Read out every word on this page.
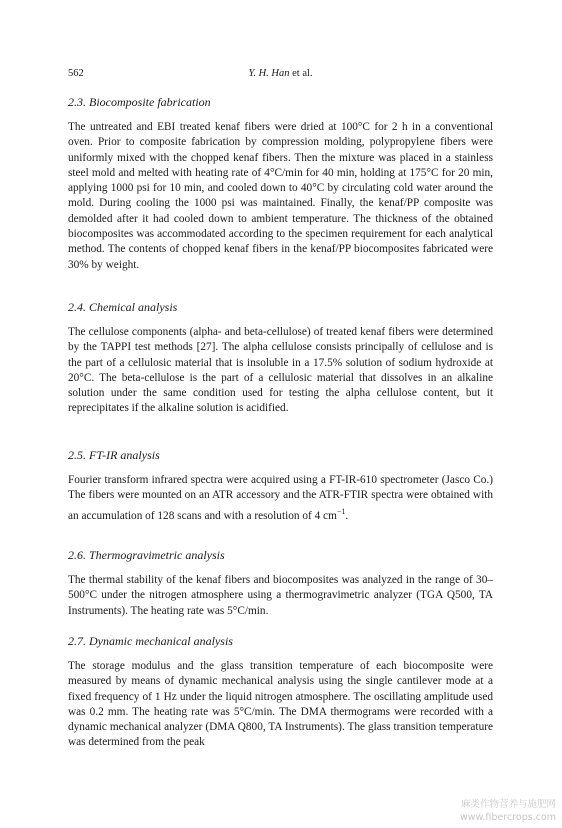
562	Y. H. Han et al.

2.3. Biocomposite fabrication

The untreated and EBI treated kenaf fibers were dried at 100°C for 2 h in a conventional oven. Prior to composite fabrication by compression molding, polypropylene fibers were uniformly mixed with the chopped kenaf fibers. Then the mixture was placed in a stainless steel mold and melted with heating rate of 4°C/min for 40 min, holding at 175°C for 20 min, applying 1000 psi for 10 min, and cooled down to 40°C by circulating cold water around the mold. During cooling the 1000 psi was maintained. Finally, the kenaf/PP composite was demolded after it had cooled down to ambient temperature. The thickness of the obtained biocomposites was accommodated according to the specimen requirement for each analytical method. The contents of chopped kenaf fibers in the kenaf/PP biocomposites fabricated were 30% by weight.

2.4. Chemical analysis

The cellulose components (alpha- and beta-cellulose) of treated kenaf fibers were determined by the TAPPI test methods [27]. The alpha cellulose consists principally of cellulose and is the part of a cellulosic material that is insoluble in a 17.5% solution of sodium hydroxide at 20°C. The beta-cellulose is the part of a cellulosic material that dissolves in an alkaline solution under the same condition used for testing the alpha cellulose content, but it reprecipitates if the alkaline solution is acidified.

2.5. FT-IR analysis

Fourier transform infrared spectra were acquired using a FT-IR-610 spectrometer (Jasco Co.) The fibers were mounted on an ATR accessory and the ATR-FTIR spectra were obtained with an accumulation of 128 scans and with a resolution of 4 $cm^{-1}$.

2.6. Thermogravimetric analysis

The thermal stability of the kenaf fibers and biocomposites was analyzed in the range of 30–500°C under the nitrogen atmosphere using a thermogravimetric analyzer (TGA Q500, TA Instruments). The heating rate was 5°C/min.

2.7. Dynamic mechanical analysis

The storage modulus and the glass transition temperature of each biocomposite were measured by means of dynamic mechanical analysis using the single cantilever mode at a fixed frequency of 1 Hz under the liquid nitrogen atmosphere. The oscillating amplitude used was 0.2 mm. The heating rate was 5°C/min. The DMA thermograms were recorded with a dynamic mechanical analyzer (DMA Q800, TA Instruments). The glass transition temperature was determined from the peak

麻类作物营养与施肥网
www.fibercrops.com
